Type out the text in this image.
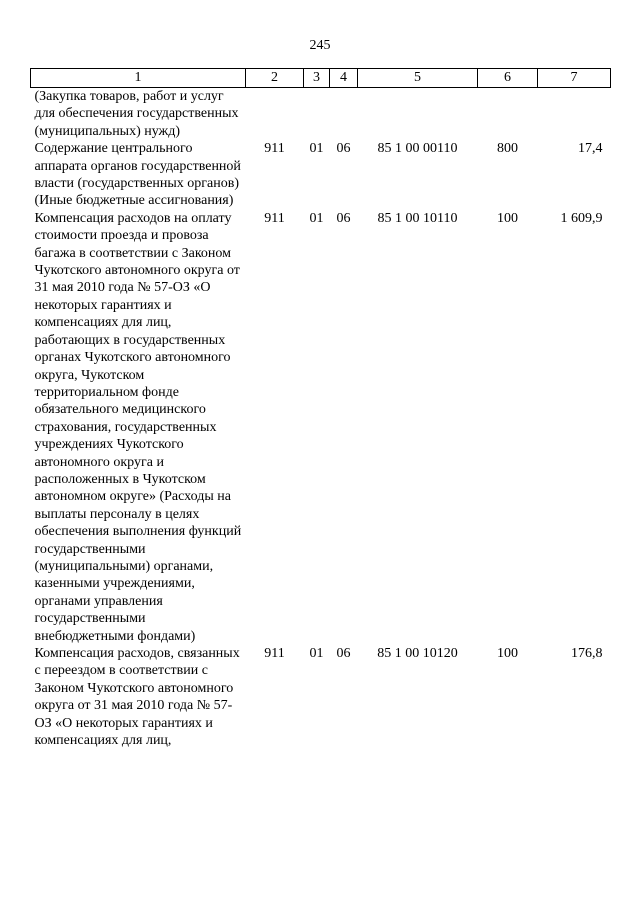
245
1	2	3	4	5	6	7
(Закупка товаров, работ и услуг для обеспечения государственных (муниципальных) нужд)						
Содержание центрального аппарата органов государственной власти (государственных органов) (Иные бюджетные ассигнования)	911	01	06	85 1 00 00110	800	17,4
Компенсация расходов на оплату стоимости проезда и провоза багажа в соответствии с Законом Чукотского автономного округа от 31 мая 2010 года № 57-ОЗ «О некоторых гарантиях и компенсациях для лиц, работающих в государственных органах Чукотского автономного округа, Чукотском территориальном фонде обязательного медицинского страхования, государственных учреждениях Чукотского автономного округа и расположенных в Чукотском автономном округе» (Расходы на выплаты персоналу в целях обеспечения выполнения функций государственными (муниципальными) органами, казенными учреждениями, органами управления государственными внебюджетными фондами)	911	01	06	85 1 00 10110	100	1 609,9
Компенсация расходов, связанных с переездом в соответствии с Законом Чукотского автономного округа от 31 мая 2010 года № 57-ОЗ «О некоторых гарантиях и компенсациях для лиц,	911	01	06	85 1 00 10120	100	176,8
